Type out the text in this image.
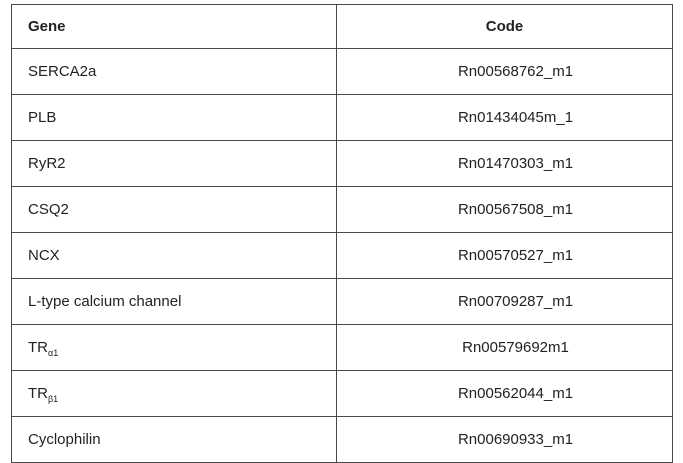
Gene	Code
SERCA2a	Rn00568762_m1
PLB	Rn01434045m_1
RyR2	Rn01470303_m1
CSQ2	Rn00567508_m1
NCX	Rn00570527_m1
L-type calcium channel	Rn00709287_m1
$TR_{\alpha 1}$	Rn00579692m1
$TR_{\beta 1}$	Rn00562044_m1
Cyclophilin	Rn00690933_m1
